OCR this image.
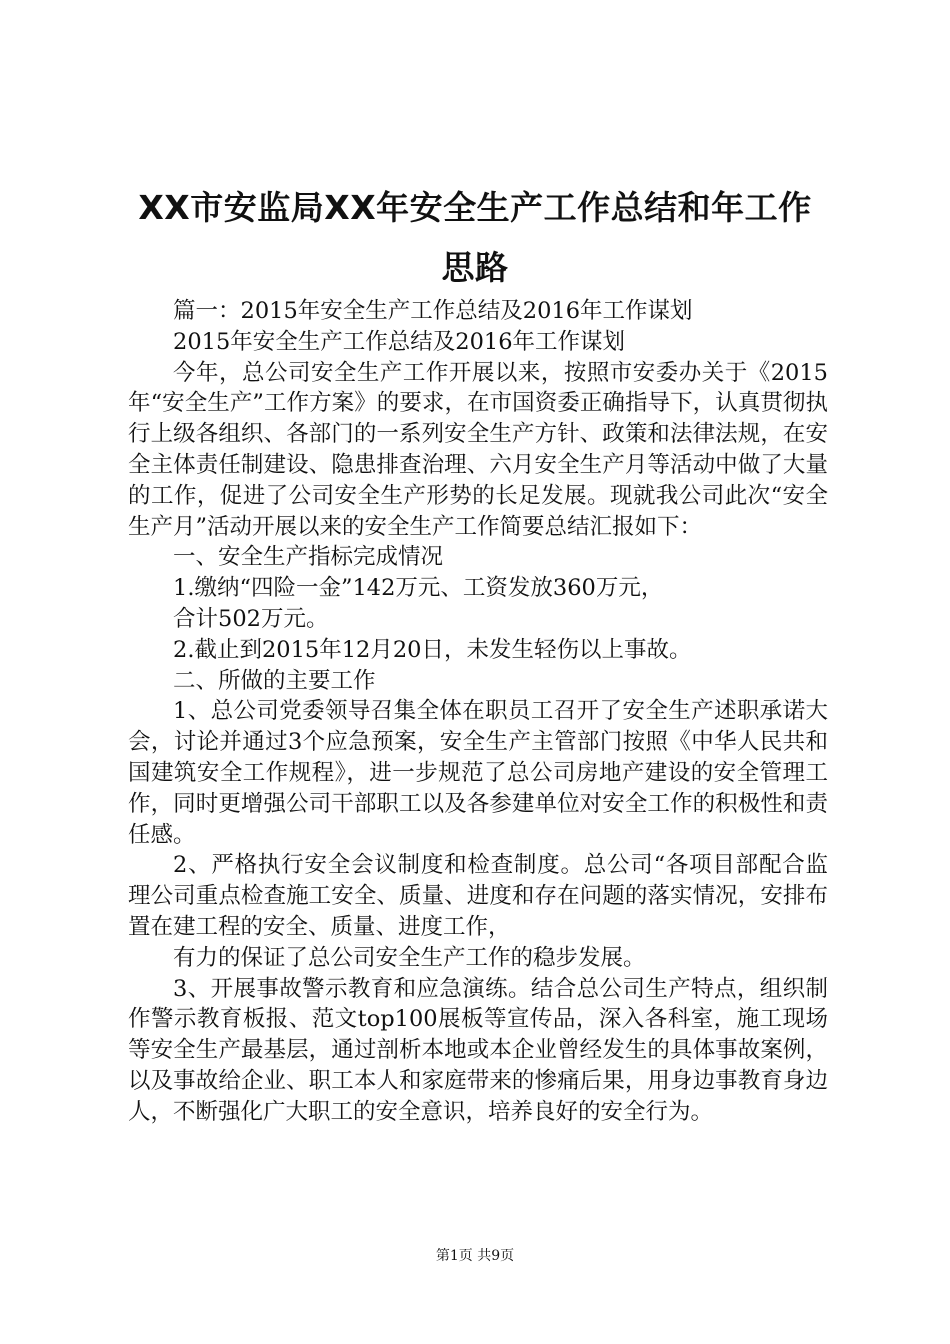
XX市安监局XX年安全生产工作总结和年工作
思路

篇一：2015年安全生产工作总结及2016年工作谋划

2015年安全生产工作总结及2016年工作谋划

今年，总公司安全生产工作开展以来，按照市安委办关于《2015年“安全生产”工作方案》的要求，在市国资委正确指导下，认真贯彻执行上级各组织、各部门的一系列安全生产方针、政策和法律法规，在安全主体责任制建设、隐患排查治理、六月安全生产月等活动中做了大量的工作，促进了公司安全生产形势的长足发展。现就我公司此次“安全生产月”活动开展以来的安全生产工作简要总结汇报如下：

一、安全生产指标完成情况

1.缴纳“四险一金”142万元、工资发放360万元，

合计502万元。

2.截止到2015年12月20日，未发生轻伤以上事故。

二、所做的主要工作

1、总公司党委领导召集全体在职员工召开了安全生产述职承诺大会，讨论并通过3个应急预案，安全生产主管部门按照《中华人民共和国建筑安全工作规程》，进一步规范了总公司房地产建设的安全管理工作，同时更增强公司干部职工以及各参建单位对安全工作的积极性和责任感。

2、严格执行安全会议制度和检查制度。总公司“各项目部配合监理公司重点检查施工安全、质量、进度和存在问题的落实情况，安排布置在建工程的安全、质量、进度工作，

有力的保证了总公司安全生产工作的稳步发展。

3、开展事故警示教育和应急演练。结合总公司生产特点，组织制作警示教育板报、范文top100展板等宣传品，深入各科室，施工现场等安全生产最基层，通过剖析本地或本企业曾经发生的具体事故案例，以及事故给企业、职工本人和家庭带来的惨痛后果，用身边事教育身边人，不断强化广大职工的安全意识，培养良好的安全行为。

第1页 共9页
